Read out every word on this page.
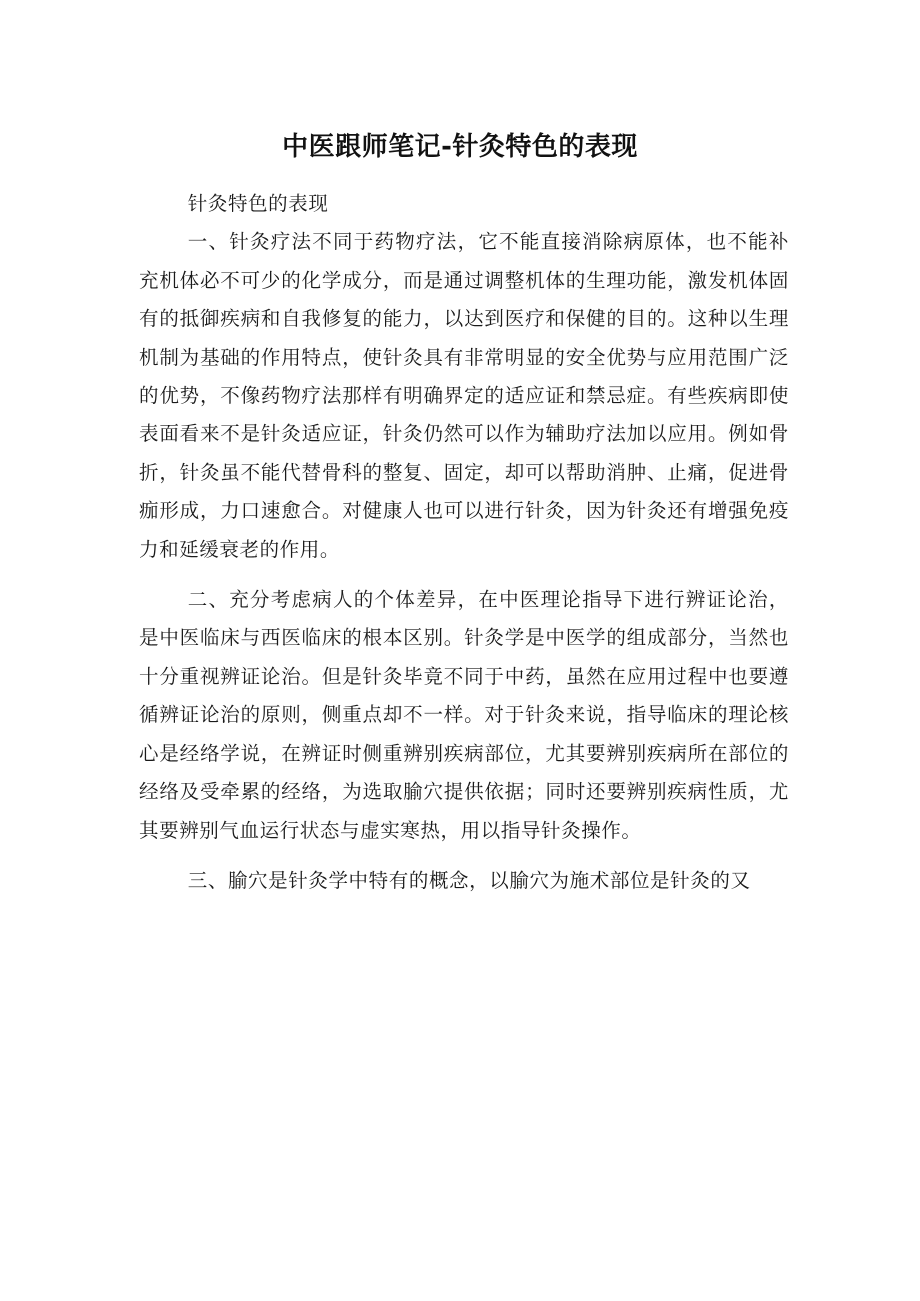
中医跟师笔记-针灸特色的表现

针灸特色的表现

一、针灸疗法不同于药物疗法，它不能直接消除病原体，也不能补充机体必不可少的化学成分，而是通过调整机体的生理功能，激发机体固有的抵御疾病和自我修复的能力，以达到医疗和保健的目的。这种以生理机制为基础的作用特点，使针灸具有非常明显的安全优势与应用范围广泛的优势，不像药物疗法那样有明确界定的适应证和禁忌症。有些疾病即使表面看来不是针灸适应证，针灸仍然可以作为辅助疗法加以应用。例如骨折，针灸虽不能代替骨科的整复、固定，却可以帮助消肿、止痛，促进骨痂形成，力口速愈合。对健康人也可以进行针灸，因为针灸还有增强免疫力和延缓衰老的作用。

二、充分考虑病人的个体差异，在中医理论指导下进行辨证论治，是中医临床与西医临床的根本区别。针灸学是中医学的组成部分，当然也十分重视辨证论治。但是针灸毕竟不同于中药，虽然在应用过程中也要遵循辨证论治的原则，侧重点却不一样。对于针灸来说，指导临床的理论核心是经络学说，在辨证时侧重辨别疾病部位，尤其要辨别疾病所在部位的经络及受牵累的经络，为选取腧穴提供依据；同时还要辨别疾病性质，尤其要辨别气血运行状态与虚实寒热，用以指导针灸操作。

三、腧穴是针灸学中特有的概念，以腧穴为施术部位是针灸的又
